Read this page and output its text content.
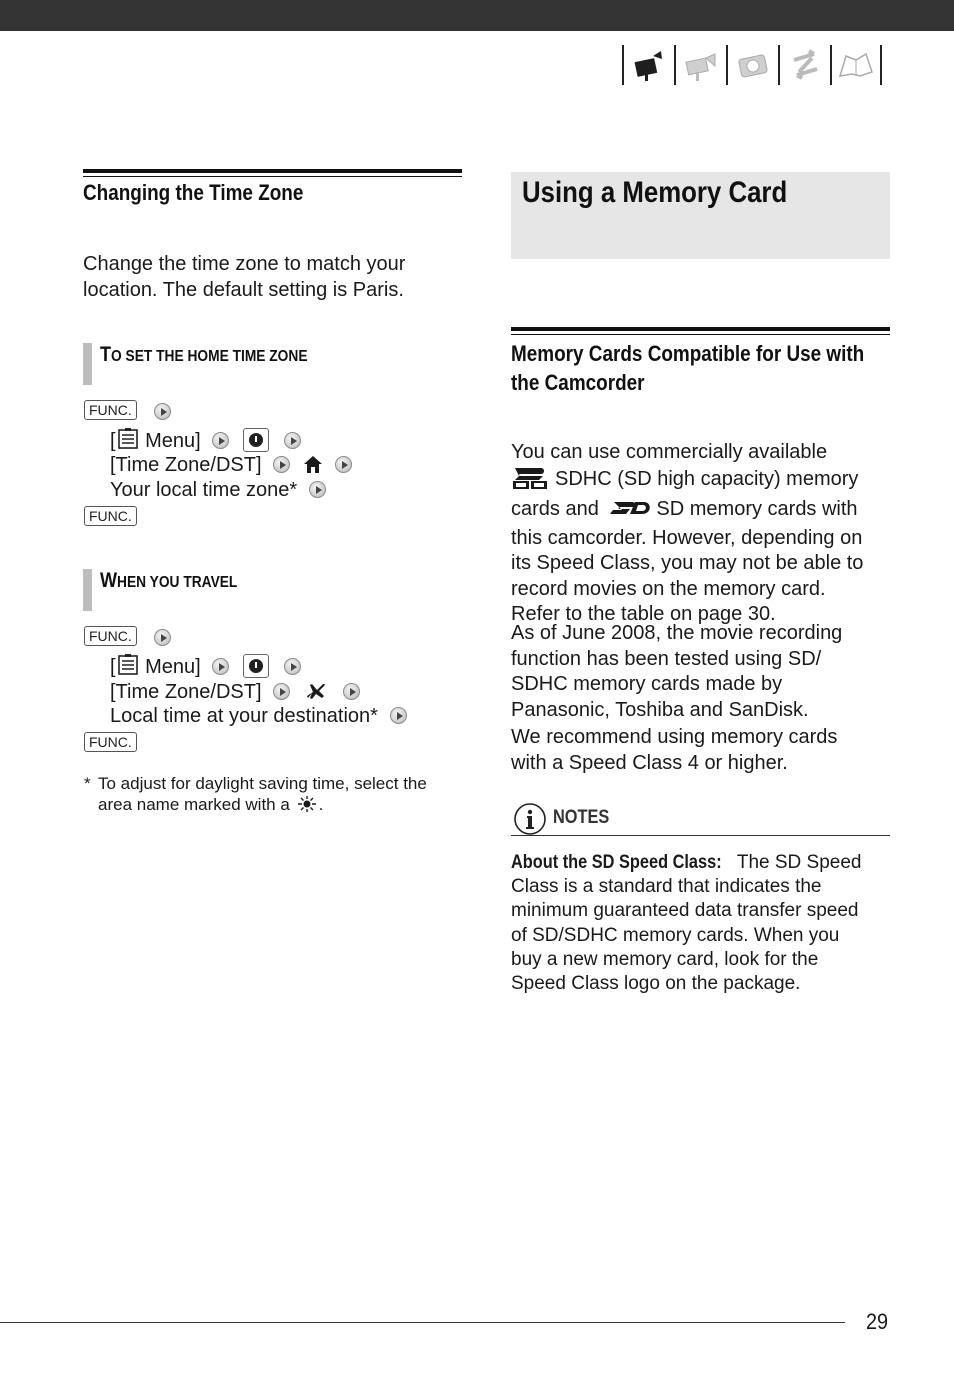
Changing the Time Zone
Change the time zone to match your
location. The default setting is Paris.
TO SET THE HOME TIME ZONE
FUNC.
[ Menu]
[Time Zone/DST]
Your local time zone*
FUNC.
WHEN YOU TRAVEL
FUNC.
[ Menu]
[Time Zone/DST]
Local time at your destination*
FUNC.
* To adjust for daylight saving time, select the
area name marked with a .
Using a Memory Card
Memory Cards Compatible for Use with
the Camcorder
You can use commercially available
SDHC (SD high capacity) memory
cards and	SD memory cards with
this camcorder. However, depending on
its Speed Class, you may not be able to
record movies on the memory card.
Refer to the table on page 30.
As of June 2008, the movie recording
function has been tested using SD/
SDHC memory cards made by
Panasonic, Toshiba and SanDisk.
We recommend using memory cards
with a Speed Class 4 or higher.
NOTES
About the SD Speed Class: The SD Speed
Class is a standard that indicates the
minimum guaranteed data transfer speed
of SD/SDHC memory cards. When you
buy a new memory card, look for the
Speed Class logo on the package.
29
